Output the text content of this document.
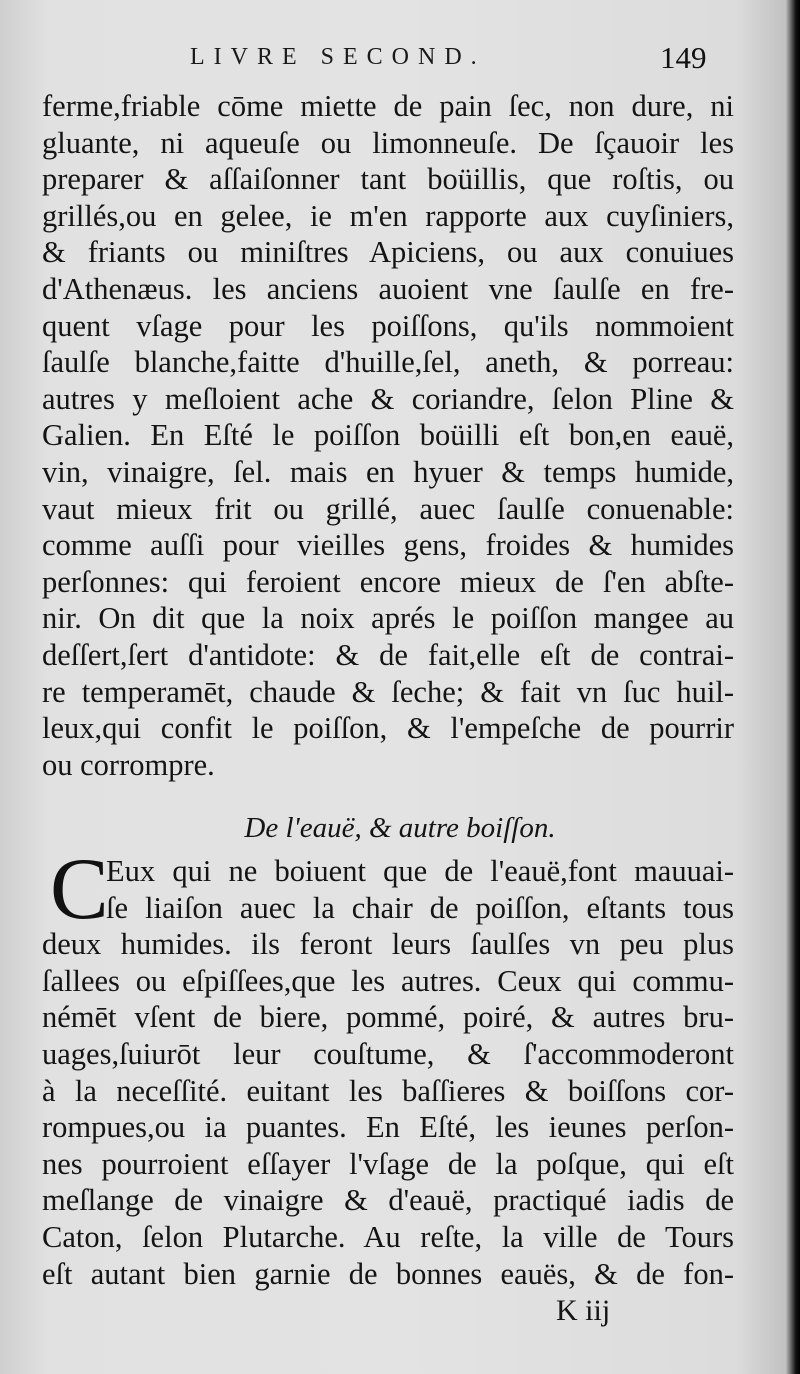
LIVRE SECOND.	149
ferme,friable cōme miette de pain ſec, non dure, ni
gluante, ni aqueuſe ou limonneuſe. De ſçauoir les
preparer & aſſaiſonner tant boüillis, que roſtis, ou
grillés,ou en gelee, ie m'en rapporte aux cuyſiniers,
& friants ou miniſtres Apiciens, ou aux conuiues
d'Athenæus. les anciens auoient vne ſaulſe en fre-
quent vſage pour les poiſſons, qu'ils nommoient
ſaulſe blanche,faitte d'huille,ſel, aneth, & porreau:
autres y meſloient ache & coriandre, ſelon Pline &
Galien. En Eſté le poiſſon boüilli eſt bon,en eauë,
vin, vinaigre, ſel. mais en hyuer & temps humide,
vaut mieux frit ou grillé, auec ſaulſe conuenable:
comme auſſi pour vieilles gens, froides & humides
perſonnes: qui feroient encore mieux de ſ'en abſte-
nir. On dit que la noix aprés le poiſſon mangee au
deſſert,ſert d'antidote: & de fait,elle eſt de contrai-
re temperamēt, chaude & ſeche; & fait vn ſuc huil-
leux,qui confit le poiſſon, & l'empeſche de pourrir
ou corrompre.
De l'eauë, & autre boiſſon.
C
Eux qui ne boiuent que de l'eauë,font mauuai-
ſe liaiſon auec la chair de poiſſon, eſtants tous
deux humides. ils feront leurs ſaulſes vn peu plus
ſallees ou eſpiſſees,que les autres. Ceux qui commu-
némēt vſent de biere, pommé, poiré, & autres bru-
uages,ſuiurōt leur couſtume, & ſ'accommoderont
à la neceſſité. euitant les baſſieres & boiſſons cor-
rompues,ou ia puantes. En Eſté, les ieunes perſon-
nes pourroient eſſayer l'vſage de la poſque, qui eſt
meſlange de vinaigre & d'eauë, practiqué iadis de
Caton, ſelon Plutarche. Au reſte, la ville de Tours
eſt autant bien garnie de bonnes eauës, & de fon-
K iij
